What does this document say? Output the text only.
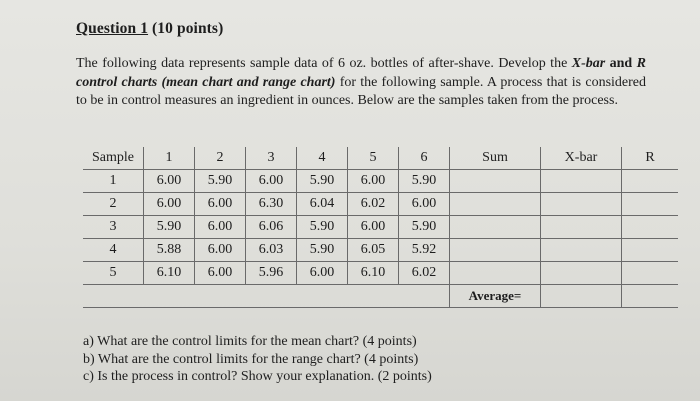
Question 1 (10 points)
The following data represents sample data of 6 oz. bottles of after-shave. Develop the X-bar and R control charts (mean chart and range chart) for the following sample. A process that is considered to be in control measures an ingredient in ounces. Below are the samples taken from the process.
Sample	1	2	3	4	5	6	Sum	X-bar	R
1	6.00	5.90	6.00	5.90	6.00	5.90			
2	6.00	6.00	6.30	6.04	6.02	6.00			
3	5.90	6.00	6.06	5.90	6.00	5.90			
4	5.88	6.00	6.03	5.90	6.05	5.92			
5	6.10	6.00	5.96	6.00	6.10	6.02			
							Average=		
a) What are the control limits for the mean chart? (4 points)
b) What are the control limits for the range chart? (4 points)
c) Is the process in control? Show your explanation. (2 points)
